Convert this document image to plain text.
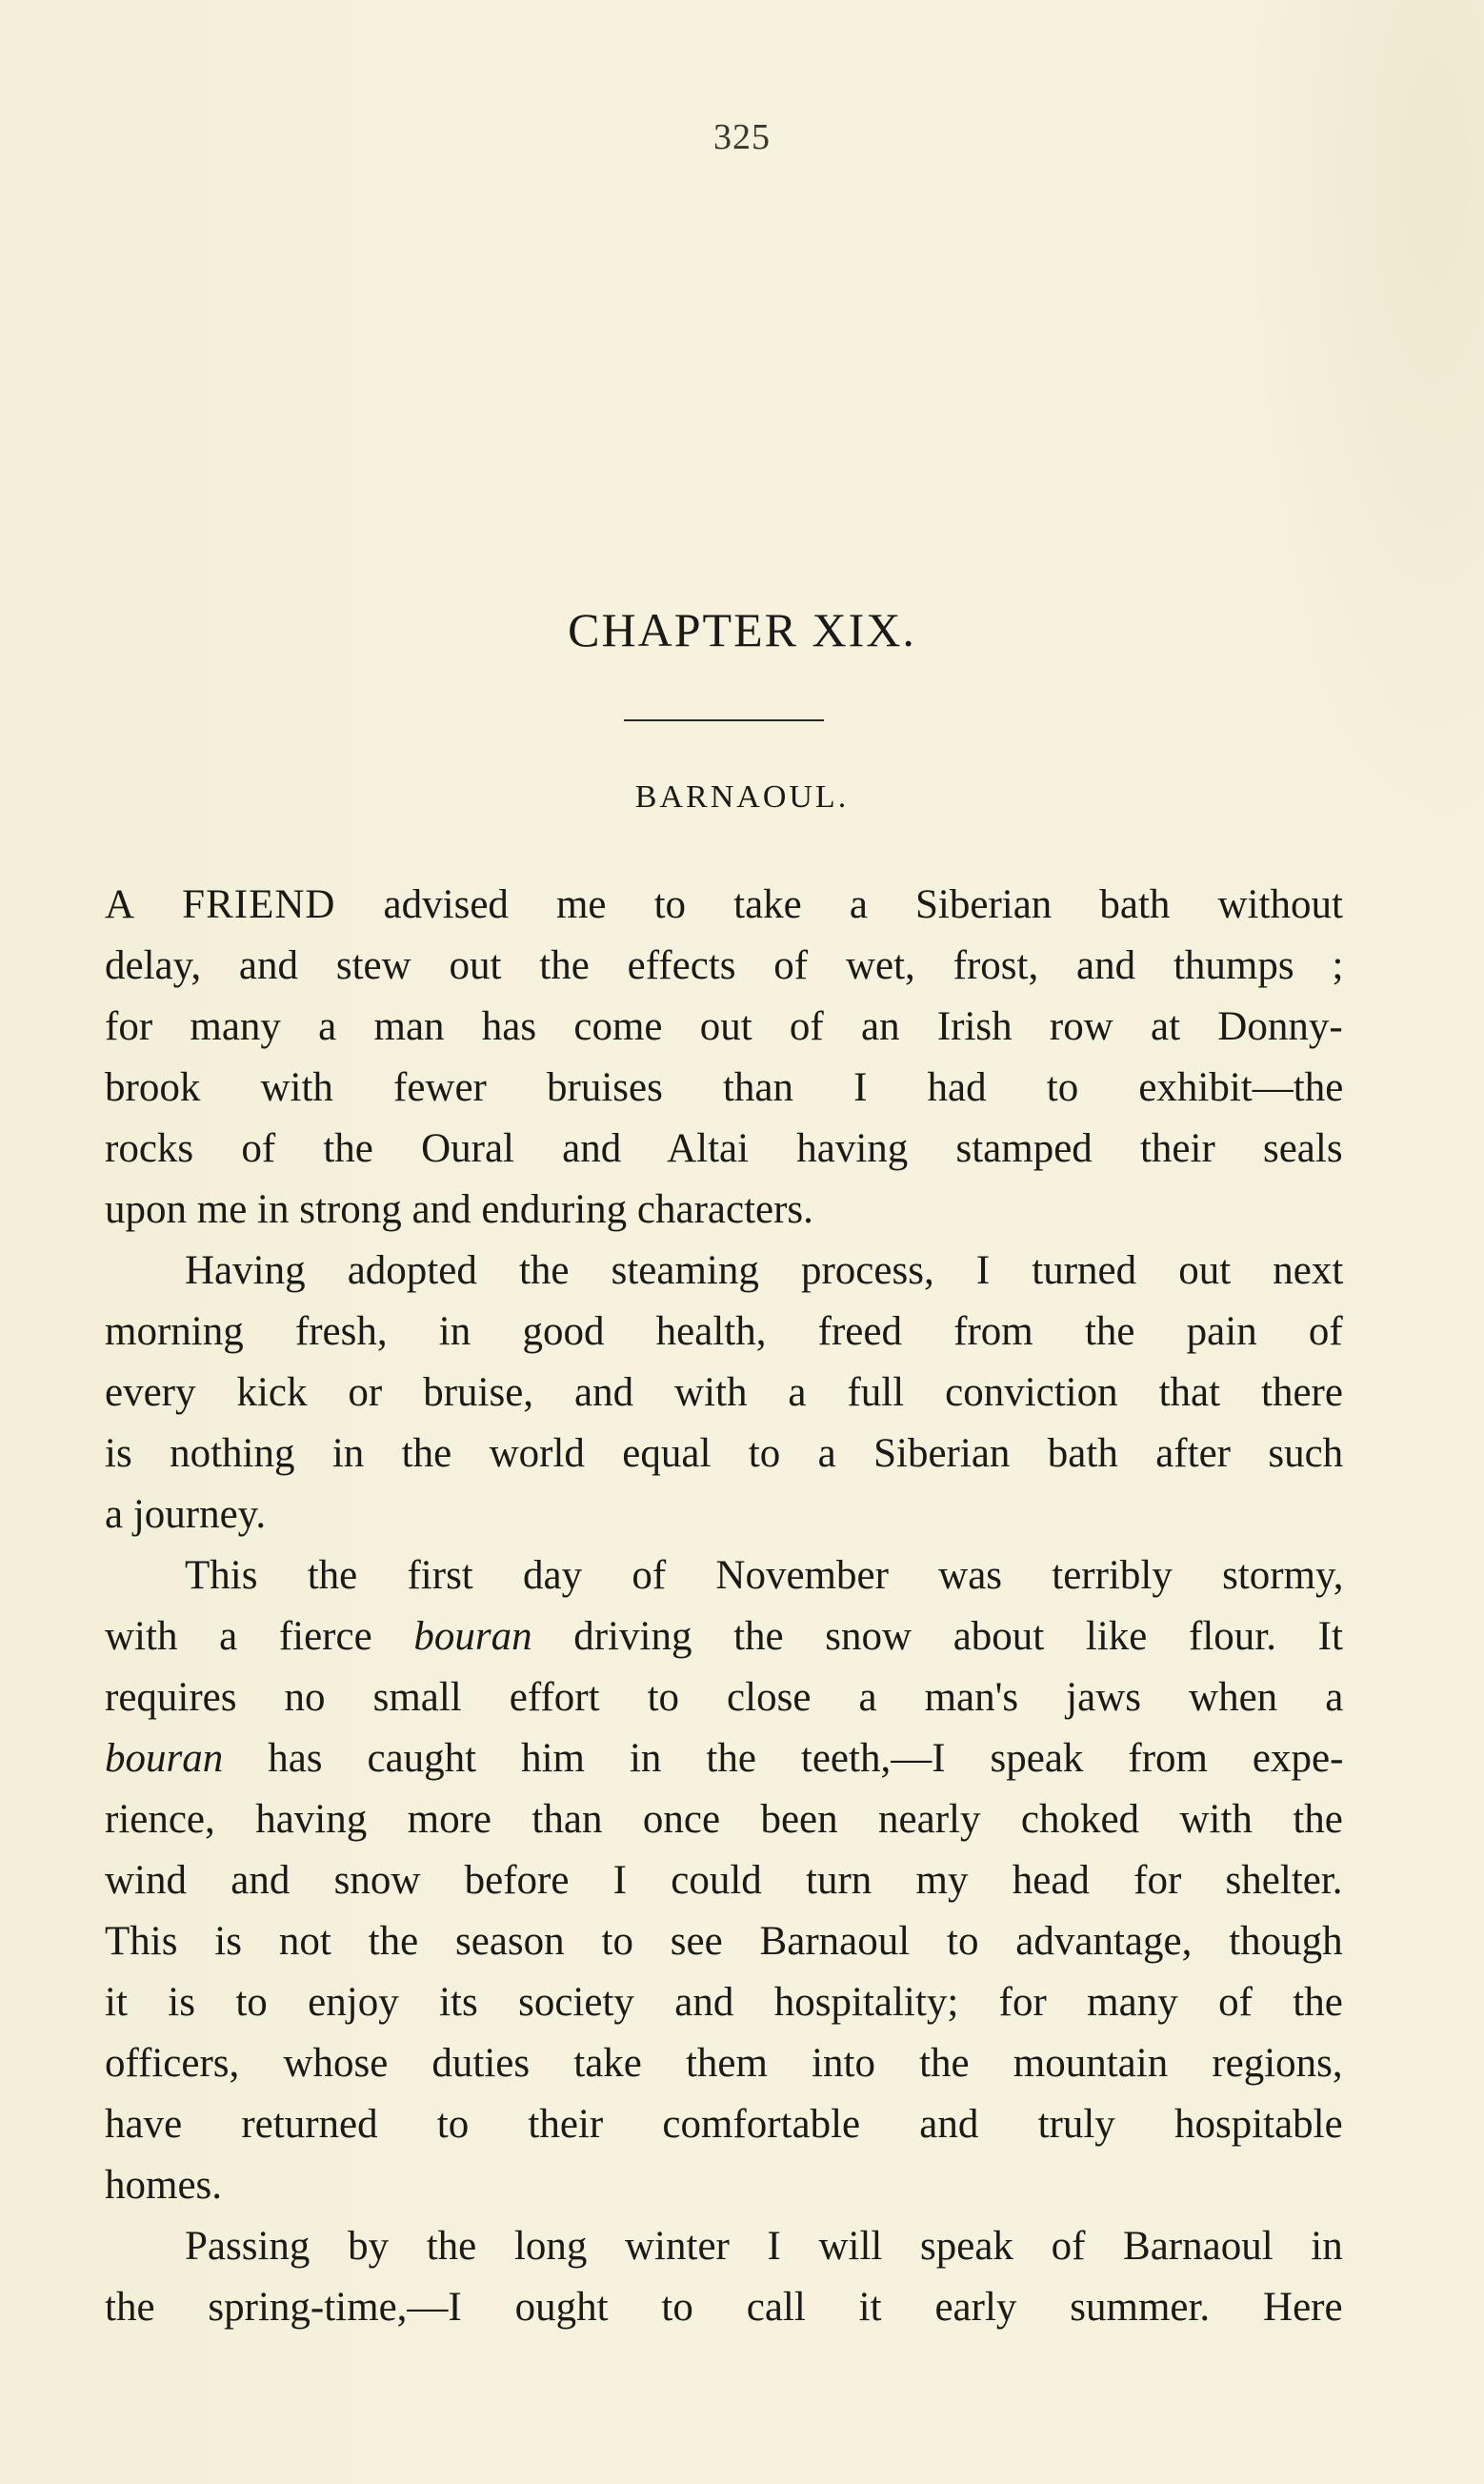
325
CHAPTER XIX.
BARNAOUL.
A FRIEND advised me to take a Siberian bath without
delay, and stew out the effects of wet, frost, and thumps ;
for many a man has come out of an Irish row at Donny-
brook with fewer bruises than I had to exhibit—the
rocks of the Oural and Altai having stamped their seals
upon me in strong and enduring characters.
Having adopted the steaming process, I turned out next
morning fresh, in good health, freed from the pain of
every kick or bruise, and with a full conviction that there
is nothing in the world equal to a Siberian bath after such
a journey.
This the first day of November was terribly stormy,
with a fierce bouran driving the snow about like flour. It
requires no small effort to close a man's jaws when a
bouran has caught him in the teeth,—I speak from expe-
rience, having more than once been nearly choked with the
wind and snow before I could turn my head for shelter.
This is not the season to see Barnaoul to advantage, though
it is to enjoy its society and hospitality; for many of the
officers, whose duties take them into the mountain regions,
have returned to their comfortable and truly hospitable
homes.
Passing by the long winter I will speak of Barnaoul in
the spring-time,—I ought to call it early summer. Here
